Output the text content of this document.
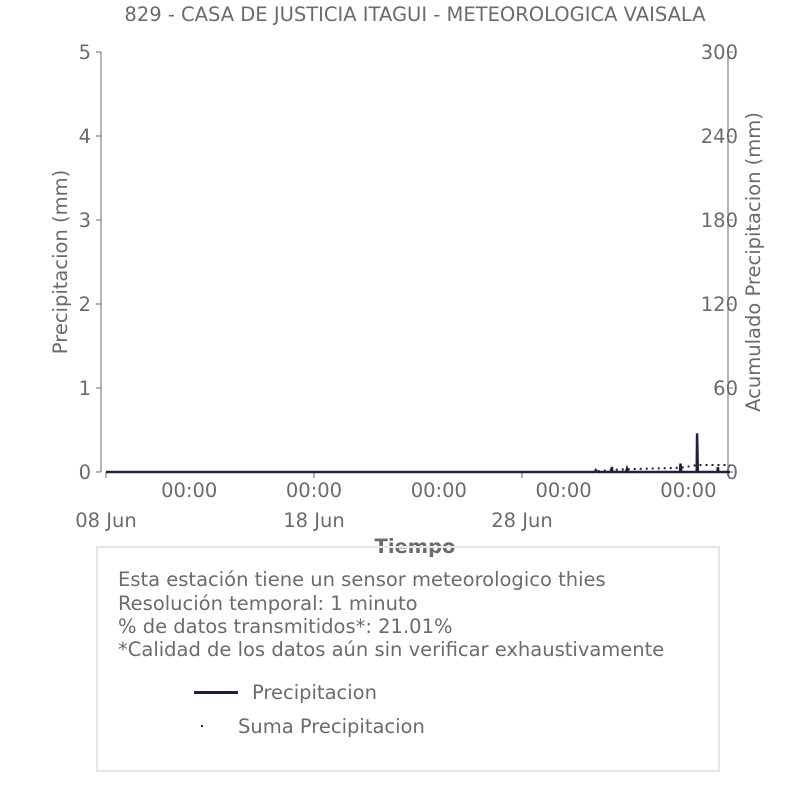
829 - CASA DE JUSTICIA ITAGUI - METEOROLOGICA VAISALA
0
1
2
3
4
5
0
60
120
180
240
300
08 Jun	18 Jun	28 Jun
00:00	00:00	00:00	00:00	00:00
Precipitacion (mm)	Acumulado Precipitacion (mm)
Tiempo
Esta estación tiene un sensor meteorologico thies
Resolución temporal: 1 minuto
% de datos transmitidos*: 21.01%
*Calidad de los datos aún sin verificar exhaustivamente
Precipitacion
Suma Precipitacion
